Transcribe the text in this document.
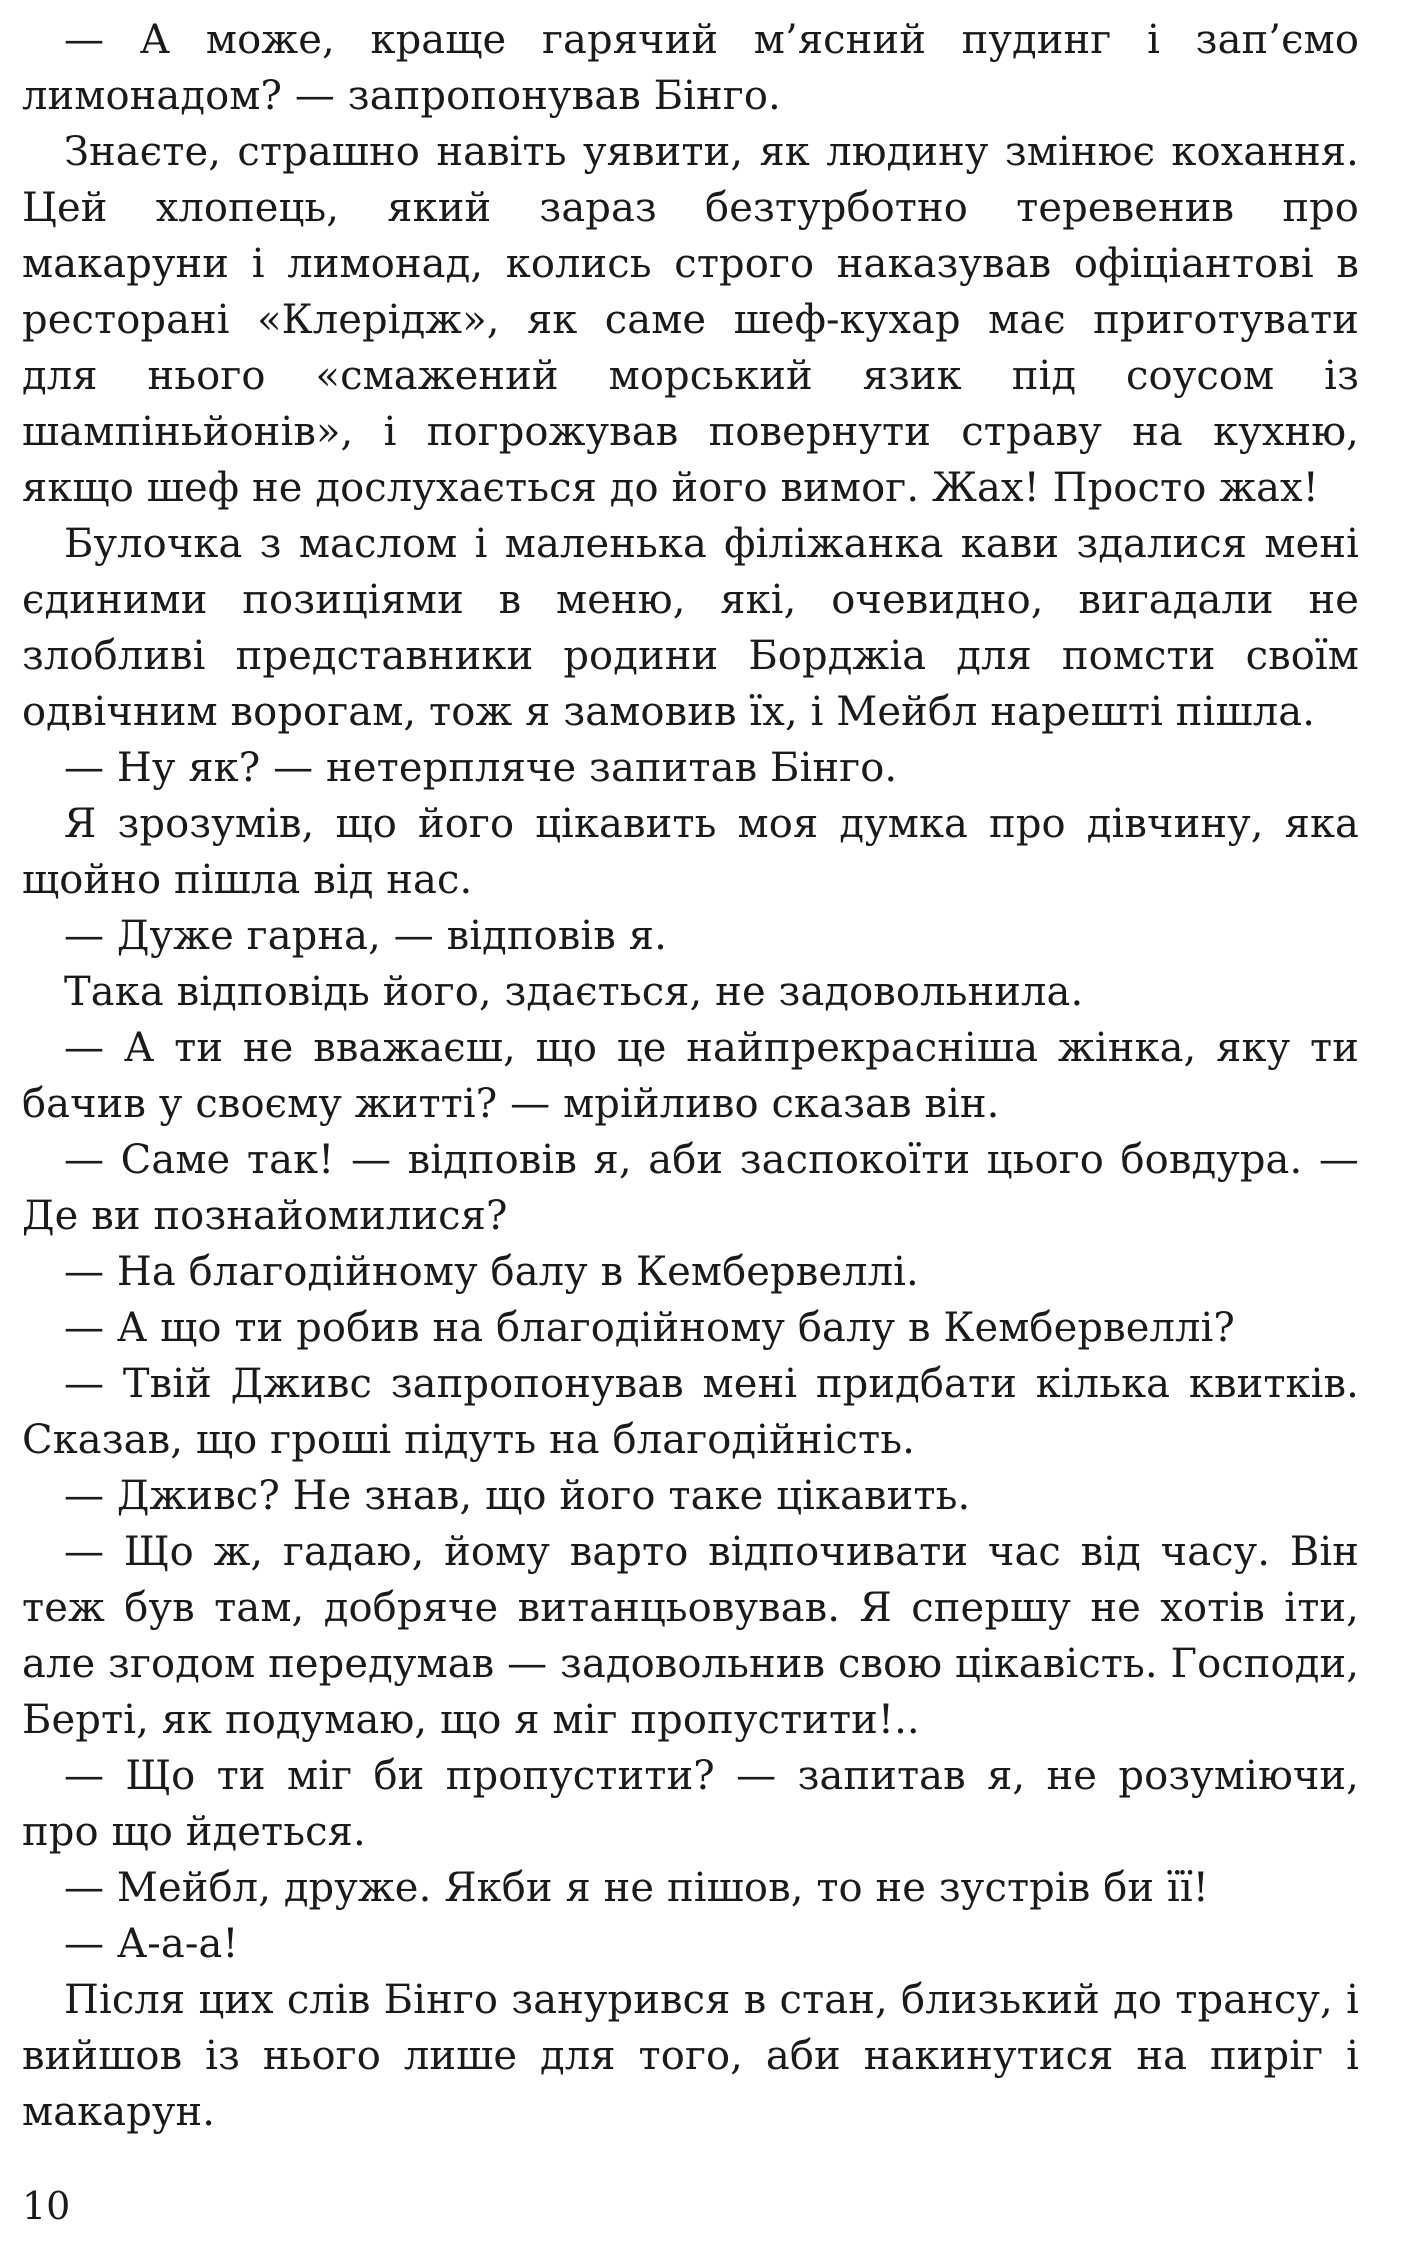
— А може, краще гарячий м’ясний пудинг і зап’ємо лимонадом? — запропонував Бінго.

Знаєте, страшно навіть уявити, як людину змінює кохання. Цей хлопець, який зараз безтурботно теревенив про макаруни і лимонад, колись строго наказував офіціантові в ресторані «Клерідж», як саме шеф-кухар має приготувати для нього «смажений морський язик під соусом із шампіньйонів», і погрожував повернути страву на кухню, якщо шеф не дослухається до його вимог. Жах! Просто жах!

Булочка з маслом і маленька філіжанка кави здалися мені єдиними позиціями в меню, які, очевидно, вигадали не злобливі представники родини Борджіа для помсти своїм одвічним ворогам, тож я замовив їх, і Мейбл нарешті пішла.

— Ну як? — нетерпляче запитав Бінго.

Я зрозумів, що його цікавить моя думка про дівчину, яка щойно пішла від нас.

— Дуже гарна, — відповів я.

Така відповідь його, здається, не задовольнила.

— А ти не вважаєш, що це найпрекрасніша жінка, яку ти бачив у своєму житті? — мрійливо сказав він.

— Саме так! — відповів я, аби заспокоїти цього бовдура. — Де ви познайомилися?

— На благодійному балу в Кембервеллі.

— А що ти робив на благодійному балу в Кембервеллі?

— Твій Дживс запропонував мені придбати кілька квитків. Сказав, що гроші підуть на благодійність.

— Дживс? Не знав, що його таке цікавить.

— Що ж, гадаю, йому варто відпочивати час від часу. Він теж був там, добряче витанцьовував. Я спершу не хотів іти, але згодом передумав — задовольнив свою цікавість. Господи, Берті, як подумаю, що я міг пропустити!..

— Що ти міг би пропустити? — запитав я, не розуміючи, про що йдеться.

— Мейбл, друже. Якби я не пішов, то не зустрів би її!

— А-а-а!

Після цих слів Бінго занурився в стан, близький до трансу, і вийшов із нього лише для того, аби накинутися на пиріг і макарун.

10
